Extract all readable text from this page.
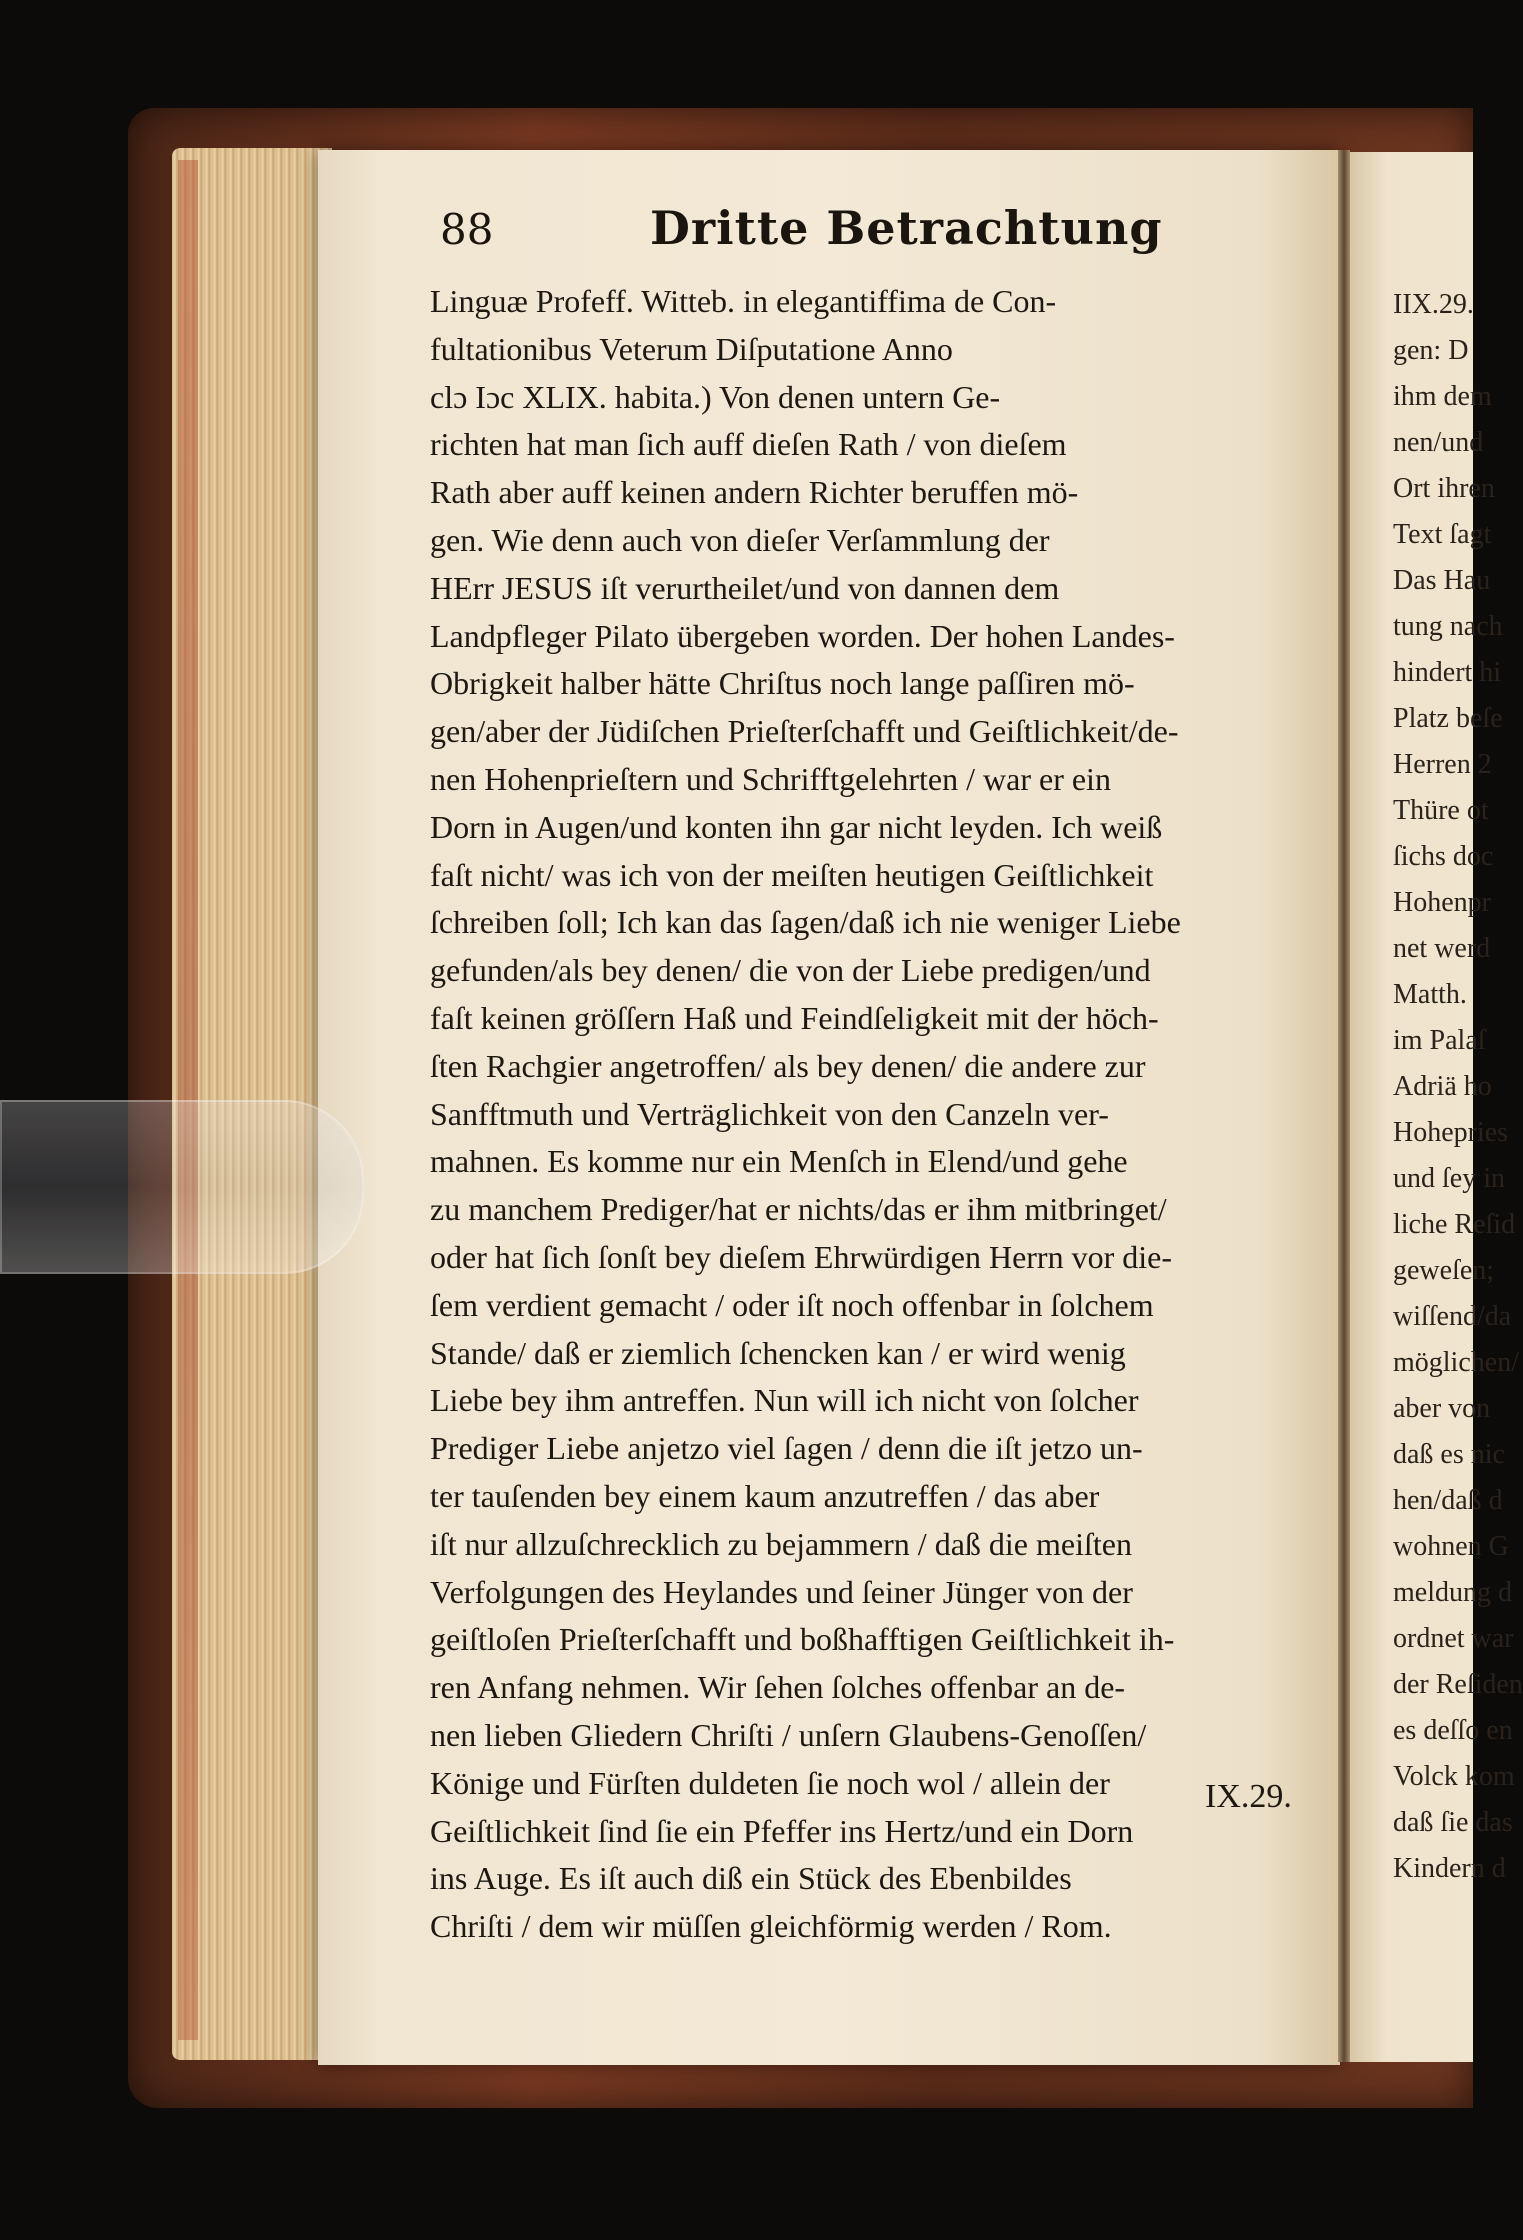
88	Dritte Betrachtung
Linguæ Profeff. Witteb. in elegantiffima de Con-
fultationibus Veterum Diſputatione Anno
clɔ Iɔc XLIX. habita.) Von denen untern Ge-
richten hat man ſich auff dieſen Rath / von dieſem
Rath aber auff keinen andern Richter beruffen mö-
gen. Wie denn auch von dieſer Verſammlung der
HErr JESUS iſt verurtheilet/und von dannen dem
Landpfleger Pilato übergeben worden. Der hohen Landes-
Obrigkeit halber hätte Chriſtus noch lange paſſiren mö-
gen/aber der Jüdiſchen Prieſterſchafft und Geiſtlichkeit/de-
nen Hohenprieſtern und Schrifftgelehrten / war er ein
Dorn in Augen/und konten ihn gar nicht leyden. Ich weiß
faſt nicht/ was ich von der meiſten heutigen Geiſtlichkeit
ſchreiben ſoll; Ich kan das ſagen/daß ich nie weniger Liebe
gefunden/als bey denen/ die von der Liebe predigen/und
faſt keinen gröſſern Haß und Feindſeligkeit mit der höch-
ſten Rachgier angetroffen/ als bey denen/ die andere zur
Sanfftmuth und Verträglichkeit von den Canzeln ver-
mahnen. Es komme nur ein Menſch in Elend/und gehe
zu manchem Prediger/hat er nichts/das er ihm mitbringet/
oder hat ſich ſonſt bey dieſem Ehrwürdigen Herrn vor die-
ſem verdient gemacht / oder iſt noch offenbar in ſolchem
Stande/ daß er ziemlich ſchencken kan / er wird wenig
Liebe bey ihm antreffen. Nun will ich nicht von ſolcher
Prediger Liebe anjetzo viel ſagen / denn die iſt jetzo un-
ter tauſenden bey einem kaum anzutreffen / das aber
iſt nur allzuſchrecklich zu bejammern / daß die meiſten
Verfolgungen des Heylandes und ſeiner Jünger von der
geiſtloſen Prieſterſchafft und boßhafftigen Geiſtlichkeit ih-
ren Anfang nehmen. Wir ſehen ſolches offenbar an de-
nen lieben Gliedern Chriſti / unſern Glaubens-Genoſſen/
Könige und Fürſten duldeten ſie noch wol / allein der
Geiſtlichkeit ſind ſie ein Pfeffer ins Hertz/und ein Dorn
ins Auge. Es iſt auch diß ein Stück des Ebenbildes
Chriſti / dem wir müſſen gleichförmig werden / Rom.
IX.29.
IIX.29.
gen: D
ihm dem
nen/und
Ort ihren
Text ſagt
Das Hau
tung nach
hindert hi
Platz beſe
Herren 2
Thüre ot
ſichs doc
Hohenpr
net werd
Matth.
im Palaſ
Adriä ho
Hohepries
und ſey in
liche Reſid
geweſen;
wiſſend/da
möglichen/
aber von
daß es nic
hen/daß d
wohnen G
meldung d
ordnet war
der Reſiden
es deſſo en
Volck kom
daß ſie das
Kindern d
